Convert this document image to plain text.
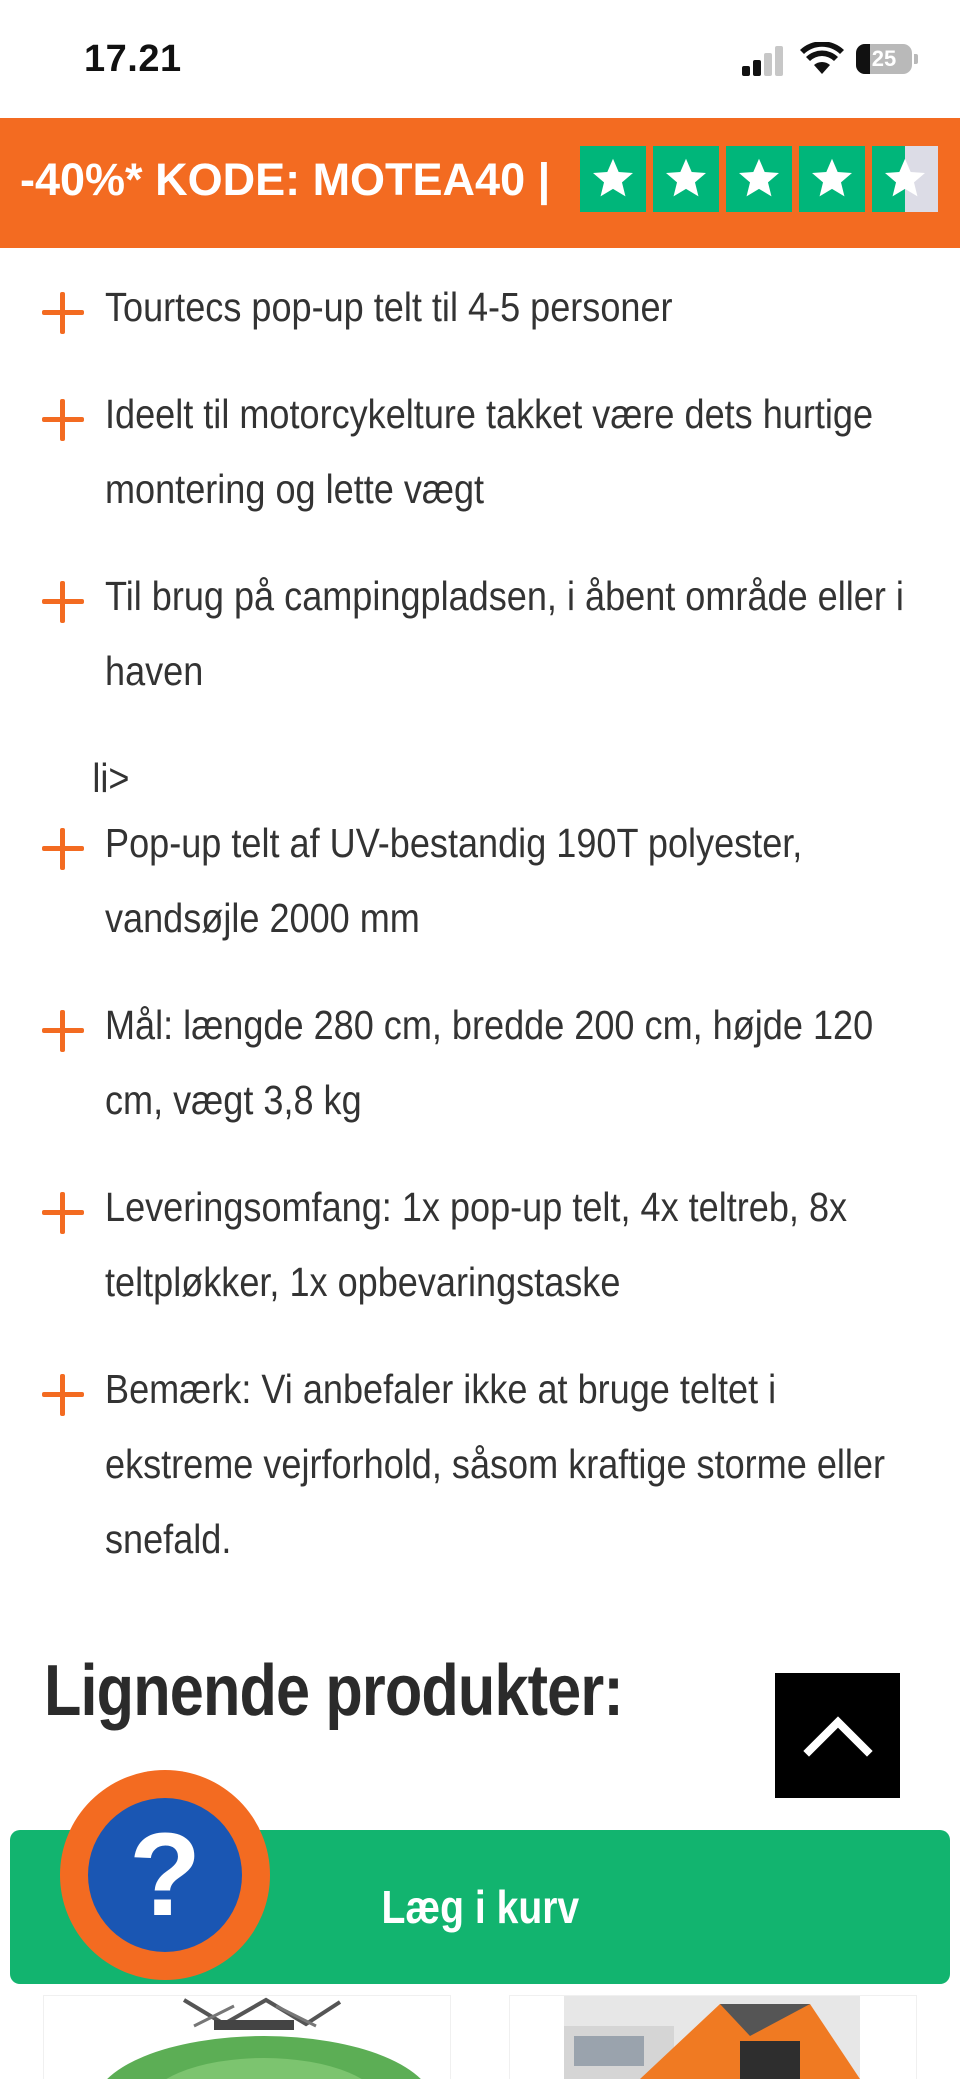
17.21	25
-40%* KODE: MOTEA40 |
Tourtecs pop-up telt til 4-5 personer
Ideelt til motorcykelture takket være dets hurtige montering og lette vægt
Til brug på campingpladsen, i åbent område eller i haven
li>
Pop-up telt af UV-bestandig 190T polyester, vandsøjle 2000 mm
Mål: længde 280 cm, bredde 200 cm, højde 120 cm, vægt 3,8 kg
Leveringsomfang: 1x pop-up telt, 4x teltreb, 8x teltpløkker, 1x opbevaringstaske
Bemærk: Vi anbefaler ikke at bruge teltet i ekstreme vejrforhold, såsom kraftige storme eller snefald.
Lignende produkter:
Læg i kurv
?
